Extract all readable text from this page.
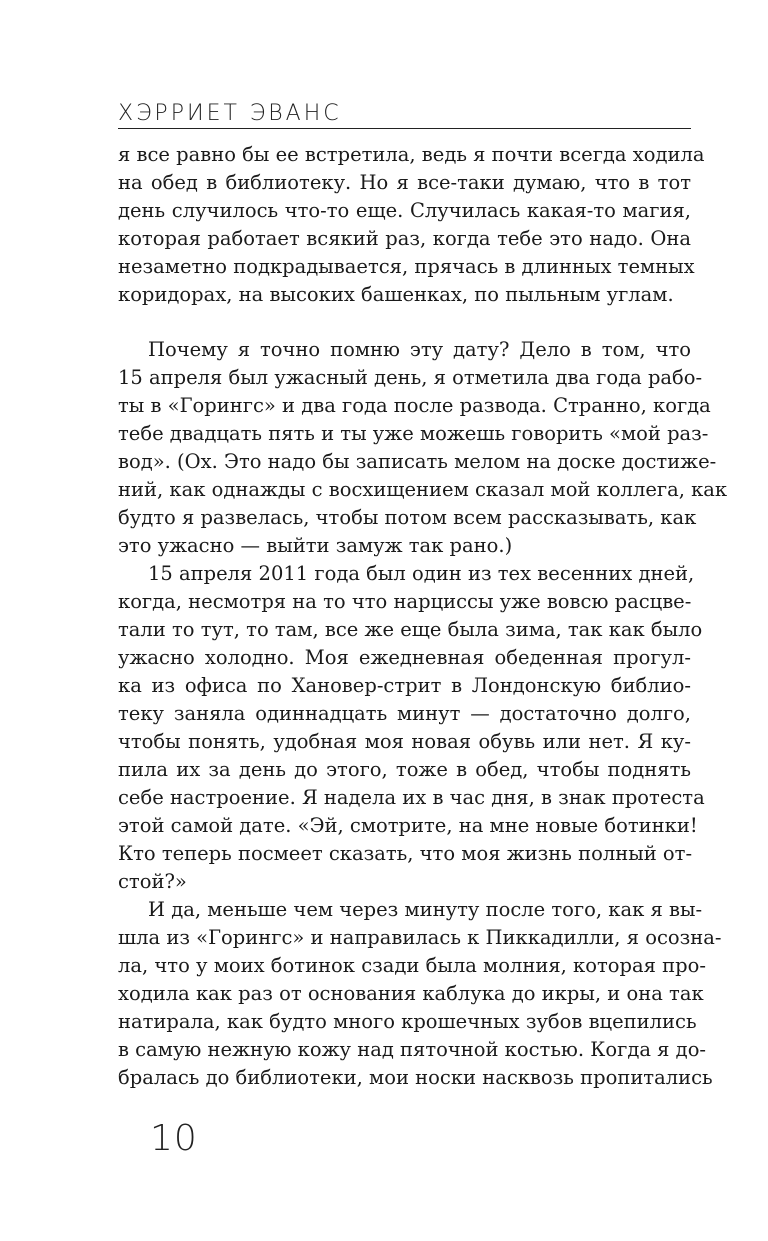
ХЭРРИЕТ ЭВАНС
я все равно бы ее встретила, ведь я почти всегда ходила
на обед в библиотеку. Но я все-таки думаю, что в тот
день случилось что-то еще. Случилась какая-то магия,
которая работает всякий раз, когда тебе это надо. Она
незаметно подкрадывается, прячась в длинных темных
коридорах, на высоких башенках, по пыльным углам.
Почему я точно помню эту дату? Дело в том, что
15 апреля был ужасный день, я отметила два года рабо-
ты в «Горингс» и два года после развода. Странно, когда
тебе двадцать пять и ты уже можешь говорить «мой раз-
вод». (Ох. Это надо бы записать мелом на доске достиже-
ний, как однажды с восхищением сказал мой коллега, как
будто я развелась, чтобы потом всем рассказывать, как
это ужасно — выйти замуж так рано.)
15 апреля 2011 года был один из тех весенних дней,
когда, несмотря на то что нарциссы уже вовсю расцве-
тали то тут, то там, все же еще была зима, так как было
ужасно холодно. Моя ежедневная обеденная прогул-
ка из офиса по Хановер-стрит в Лондонскую библио-
теку заняла одиннадцать минут — достаточно долго,
чтобы понять, удобная моя новая обувь или нет. Я ку-
пила их за день до этого, тоже в обед, чтобы поднять
себе настроение. Я надела их в час дня, в знак протеста
этой самой дате. «Эй, смотрите, на мне новые ботинки!
Кто теперь посмеет сказать, что моя жизнь полный от-
стой?»
И да, меньше чем через минуту после того, как я вы-
шла из «Горингс» и направилась к Пиккадилли, я осозна-
ла, что у моих ботинок сзади была молния, которая про-
ходила как раз от основания каблука до икры, и она так
натирала, как будто много крошечных зубов вцепились
в самую нежную кожу над пяточной костью. Когда я до-
бралась до библиотеки, мои носки насквозь пропитались
10
